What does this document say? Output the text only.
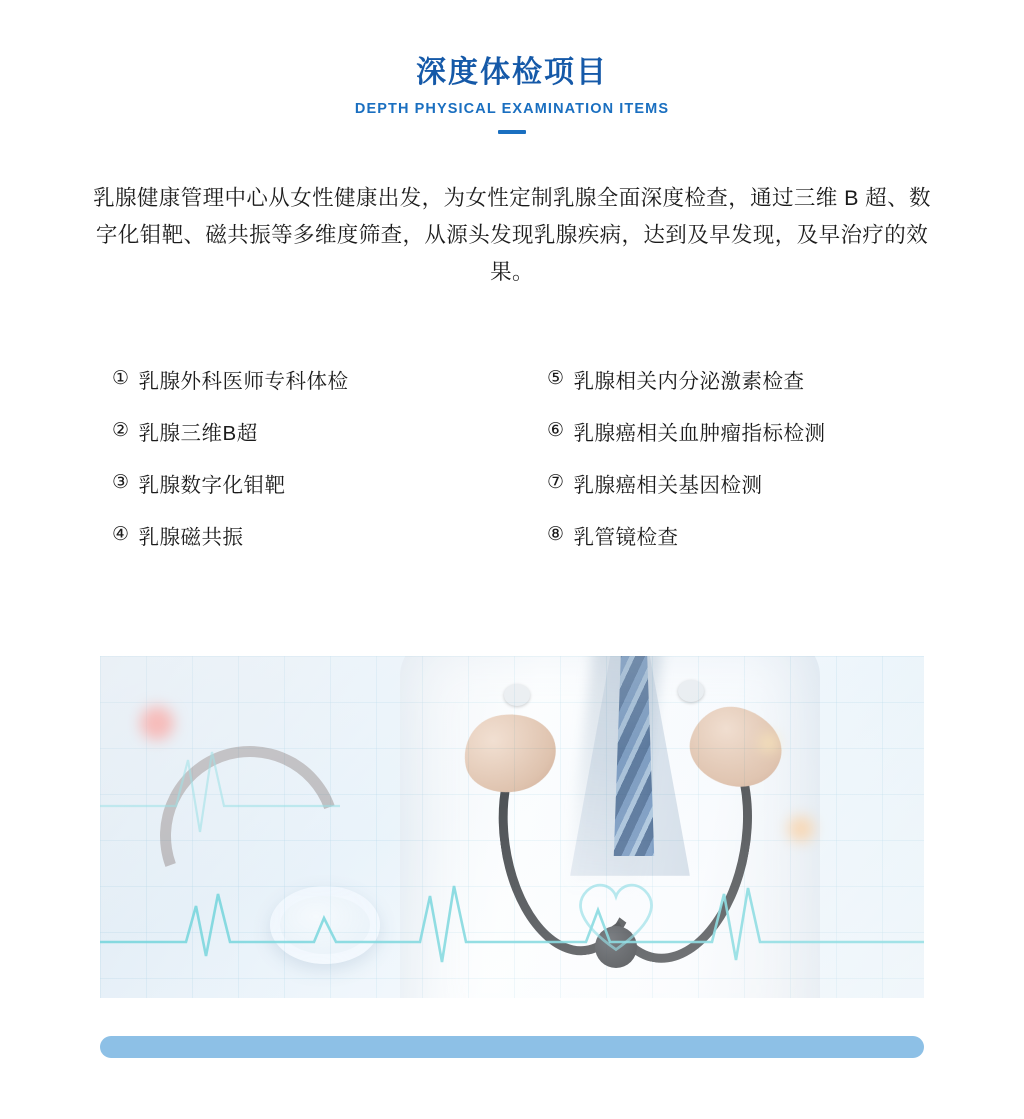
深度体检项目
DEPTH PHYSICAL EXAMINATION ITEMS

乳腺健康管理中心从女性健康出发，为女性定制乳腺全面深度检查，通过三维 B 超、数字化钼靶、磁共振等多维度筛查，从源头发现乳腺疾病，达到及早发现，及早治疗的效果。

① 乳腺外科医师专科体检
② 乳腺三维B超
③ 乳腺数字化钼靶
④ 乳腺磁共振
⑤ 乳腺相关内分泌激素检查
⑥ 乳腺癌相关血肿瘤指标检测
⑦ 乳腺癌相关基因检测
⑧ 乳管镜检查
